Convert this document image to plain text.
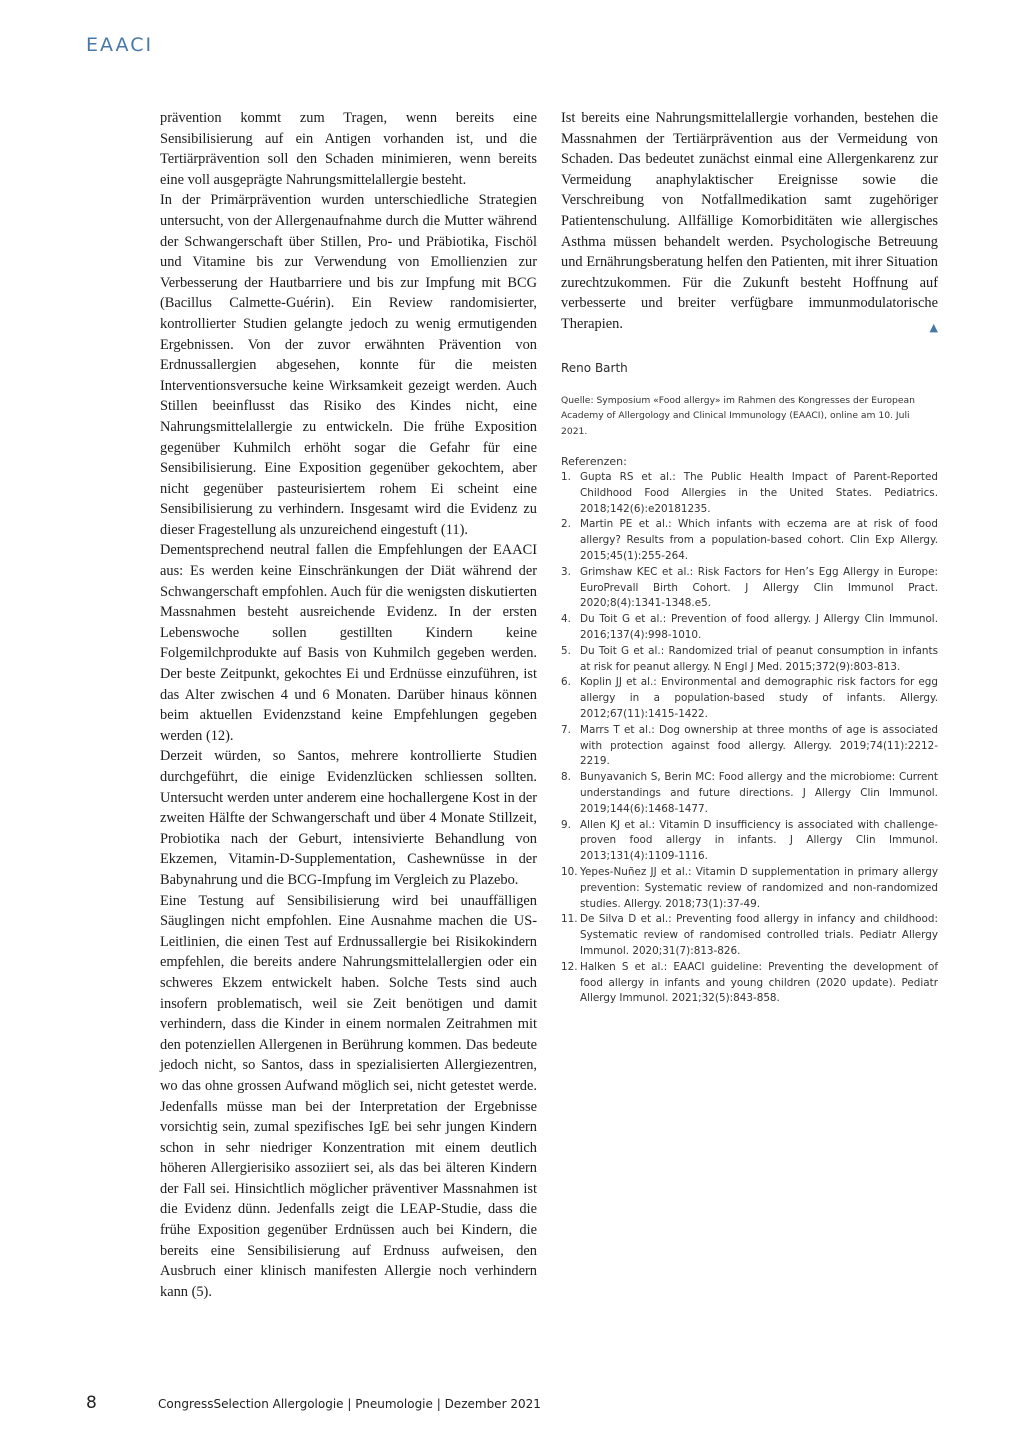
EAACI

prävention kommt zum Tragen, wenn bereits eine Sensibilisierung auf ein Antigen vorhanden ist, und die Tertiärprävention soll den Schaden minimieren, wenn bereits eine voll ausgeprägte Nahrungsmittelallergie besteht.

In der Primärprävention wurden unterschiedliche Strategien untersucht, von der Allergenaufnahme durch die Mutter während der Schwangerschaft über Stillen, Pro- und Präbiotika, Fischöl und Vitamine bis zur Verwendung von Emollienzien zur Verbesserung der Hautbarriere und bis zur Impfung mit BCG (Bacillus Calmette-Guérin). Ein Review randomisierter, kontrollierter Studien gelangte jedoch zu wenig ermutigenden Ergebnissen. Von der zuvor erwähnten Prävention von Erdnussallergien abgesehen, konnte für die meisten Interventionsversuche keine Wirksamkeit gezeigt werden. Auch Stillen beeinflusst das Risiko des Kindes nicht, eine Nahrungsmittelallergie zu entwickeln. Die frühe Exposition gegenüber Kuhmilch erhöht sogar die Gefahr für eine Sensibilisierung. Eine Exposition gegenüber gekochtem, aber nicht gegenüber pasteurisiertem rohem Ei scheint eine Sensibilisierung zu verhindern. Insgesamt wird die Evidenz zu dieser Fragestellung als unzureichend eingestuft (11).

Dementsprechend neutral fallen die Empfehlungen der EAACI aus: Es werden keine Einschränkungen der Diät während der Schwangerschaft empfohlen. Auch für die wenigsten diskutierten Massnahmen besteht ausreichende Evidenz. In der ersten Lebenswoche sollen gestillten Kindern keine Folgemilchprodukte auf Basis von Kuhmilch gegeben werden. Der beste Zeitpunkt, gekochtes Ei und Erdnüsse einzuführen, ist das Alter zwischen 4 und 6 Monaten. Darüber hinaus können beim aktuellen Evidenzstand keine Empfehlungen gegeben werden (12).

Derzeit würden, so Santos, mehrere kontrollierte Studien durchgeführt, die einige Evidenzlücken schliessen sollten. Untersucht werden unter anderem eine hochallergene Kost in der zweiten Hälfte der Schwangerschaft und über 4 Monate Stillzeit, Probiotika nach der Geburt, intensivierte Behandlung von Ekzemen, Vitamin-D-Supplementation, Cashewnüsse in der Babynahrung und die BCG-Impfung im Vergleich zu Plazebo.

Eine Testung auf Sensibilisierung wird bei unauffälligen Säuglingen nicht empfohlen. Eine Ausnahme machen die US-Leitlinien, die einen Test auf Erdnussallergie bei Risikokindern empfehlen, die bereits andere Nahrungsmittelallergien oder ein schweres Ekzem entwickelt haben. Solche Tests sind auch insofern problematisch, weil sie Zeit benötigen und damit verhindern, dass die Kinder in einem normalen Zeitrahmen mit den potenziellen Allergenen in Berührung kommen. Das bedeute jedoch nicht, so Santos, dass in spezialisierten Allergiezentren, wo das ohne grossen Aufwand möglich sei, nicht getestet werde. Jedenfalls müsse man bei der Interpretation der Ergebnisse vorsichtig sein, zumal spezifisches IgE bei sehr jungen Kindern schon in sehr niedriger Konzentration mit einem deutlich höheren Allergierisiko assoziiert sei, als das bei älteren Kindern der Fall sei. Hinsichtlich möglicher präventiver Massnahmen ist die Evidenz dünn. Jedenfalls zeigt die LEAP-Studie, dass die frühe Exposition gegenüber Erdnüssen auch bei Kindern, die bereits eine Sensibilisierung auf Erdnuss aufweisen, den Ausbruch einer klinisch manifesten Allergie noch verhindern kann (5).

Ist bereits eine Nahrungsmittelallergie vorhanden, bestehen die Massnahmen der Tertiärprävention aus der Vermeidung von Schaden. Das bedeutet zunächst einmal eine Allergenkarenz zur Vermeidung anaphylaktischer Ereignisse sowie die Verschreibung von Notfallmedikation samt zugehöriger Patientenschulung. Allfällige Komorbiditäten wie allergisches Asthma müssen behandelt werden. Psychologische Betreuung und Ernährungsberatung helfen den Patienten, mit ihrer Situation zurechtzukommen. Für die Zukunft besteht Hoffnung auf verbesserte und breiter verfügbare immunmodulatorische Therapien.	▲

Reno Barth
Quelle: Symposium «Food allergy» im Rahmen des Kongresses der European Academy of Allergology and Clinical Immunology (EAACI), online am 10. Juli 2021.
Referenzen:
1. Gupta RS et al.: The Public Health Impact of Parent-Reported Childhood Food Allergies in the United States. Pediatrics. 2018;142(6):e20181235.
2. Martin PE et al.: Which infants with eczema are at risk of food allergy? Results from a population-based cohort. Clin Exp Allergy. 2015;45(1):255-264.
3. Grimshaw KEC et al.: Risk Factors for Hen’s Egg Allergy in Europe: EuroPrevall Birth Cohort. J Allergy Clin Immunol Pract. 2020;8(4):1341-1348.e5.
4. Du Toit G et al.: Prevention of food allergy. J Allergy Clin Immunol. 2016;137(4):998-1010.
5. Du Toit G et al.: Randomized trial of peanut consumption in infants at risk for peanut allergy. N Engl J Med. 2015;372(9):803-813.
6. Koplin JJ et al.: Environmental and demographic risk factors for egg allergy in a population-based study of infants. Allergy. 2012;67(11):1415-1422.
7. Marrs T et al.: Dog ownership at three months of age is associated with protection against food allergy. Allergy. 2019;74(11):2212-2219.
8. Bunyavanich S, Berin MC: Food allergy and the microbiome: Current understandings and future directions. J Allergy Clin Immunol. 2019;144(6):1468-1477.
9. Allen KJ et al.: Vitamin D insufficiency is associated with challenge-proven food allergy in infants. J Allergy Clin Immunol. 2013;131(4):1109-1116.
10. Yepes-Nuñez JJ et al.: Vitamin D supplementation in primary allergy prevention: Systematic review of randomized and non-randomized studies. Allergy. 2018;73(1):37-49.
11. De Silva D et al.: Preventing food allergy in infancy and childhood: Systematic review of randomised controlled trials. Pediatr Allergy Immunol. 2020;31(7):813-826.
12. Halken S et al.: EAACI guideline: Preventing the development of food allergy in infants and young children (2020 update). Pediatr Allergy Immunol. 2021;32(5):843-858.
8	CongressSelection Allergologie | Pneumologie | Dezember 2021
